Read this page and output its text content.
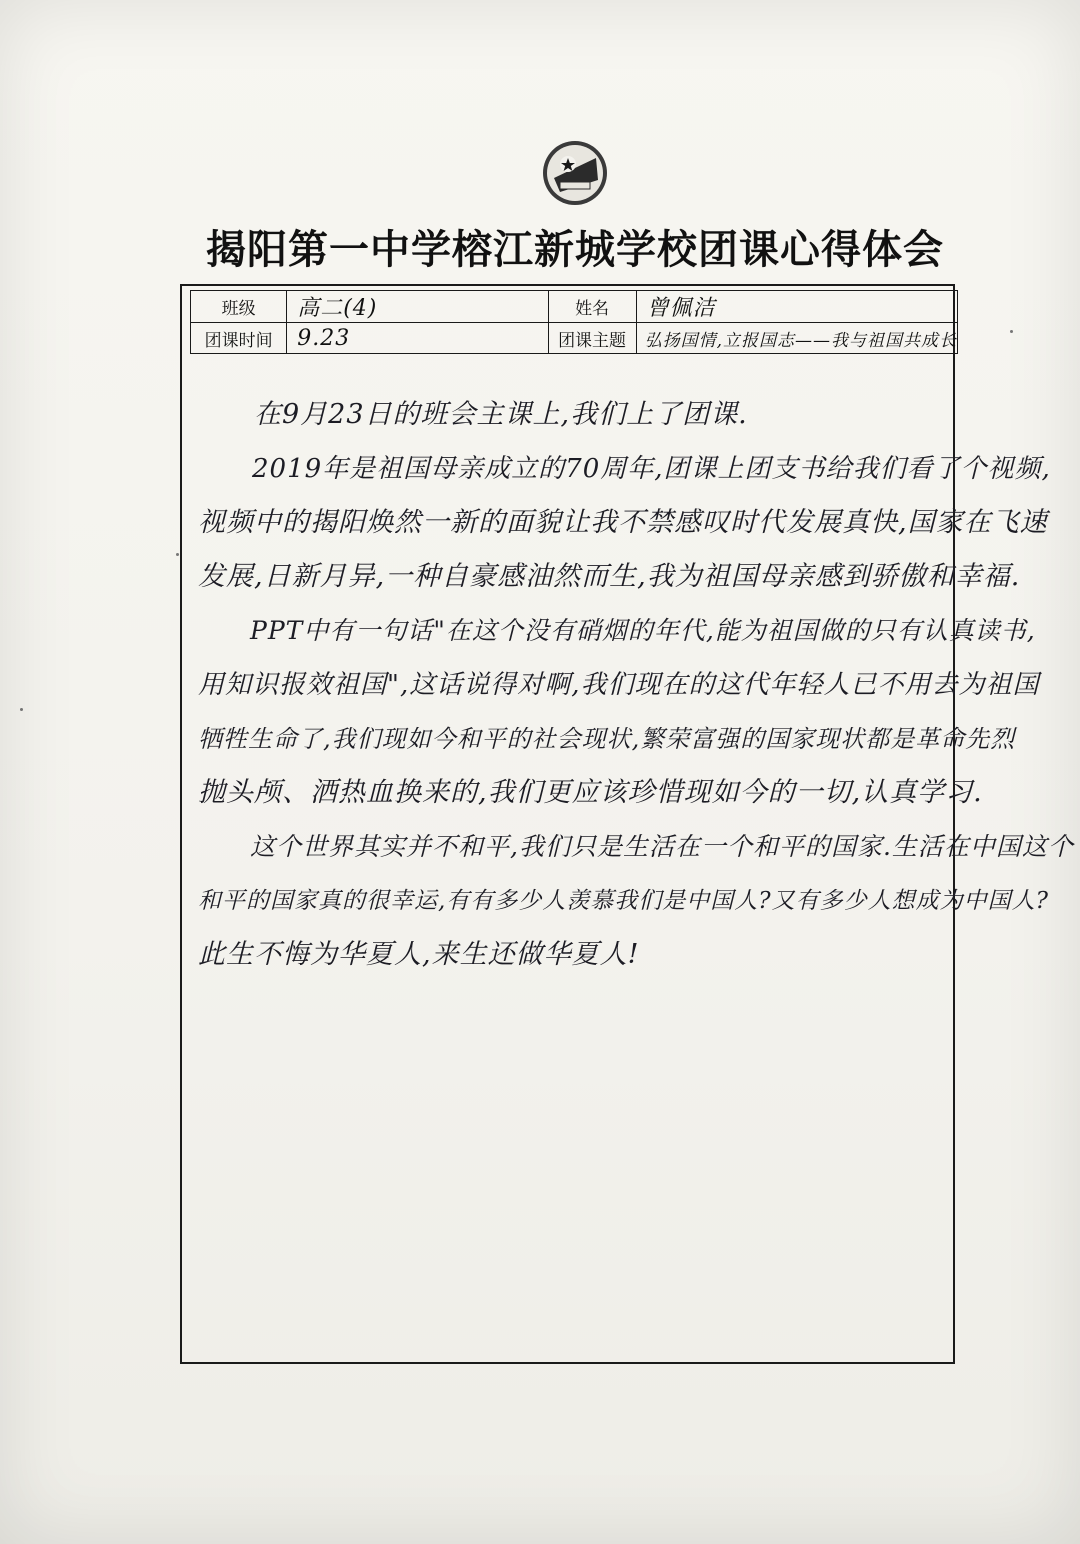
揭阳第一中学榕江新城学校团课心得体会
班级	高二(4)	姓名	曾佩洁
团课时间	9.23	团课主题	弘扬国情,立报国志——我与祖国共成长
　　在9月23日的班会主课上,我们上了团课.
　　2019年是祖国母亲成立的70周年,团课上团支书给我们看了个视频,
视频中的揭阳焕然一新的面貌让我不禁感叹时代发展真快,国家在飞速
发展,日新月异,一种自豪感油然而生,我为祖国母亲感到骄傲和幸福.
　　PPT中有一句话"在这个没有硝烟的年代,能为祖国做的只有认真读书,
用知识报效祖国",这话说得对啊,我们现在的这代年轻人已不用去为祖国
牺牲生命了,我们现如今和平的社会现状,繁荣富强的国家现状都是革命先烈
抛头颅、洒热血换来的,我们更应该珍惜现如今的一切,认真学习.
　　这个世界其实并不和平,我们只是生活在一个和平的国家.生活在中国这个
和平的国家真的很幸运,有有多少人羡慕我们是中国人?又有多少人想成为中国人?
此生不悔为华夏人,来生还做华夏人!
